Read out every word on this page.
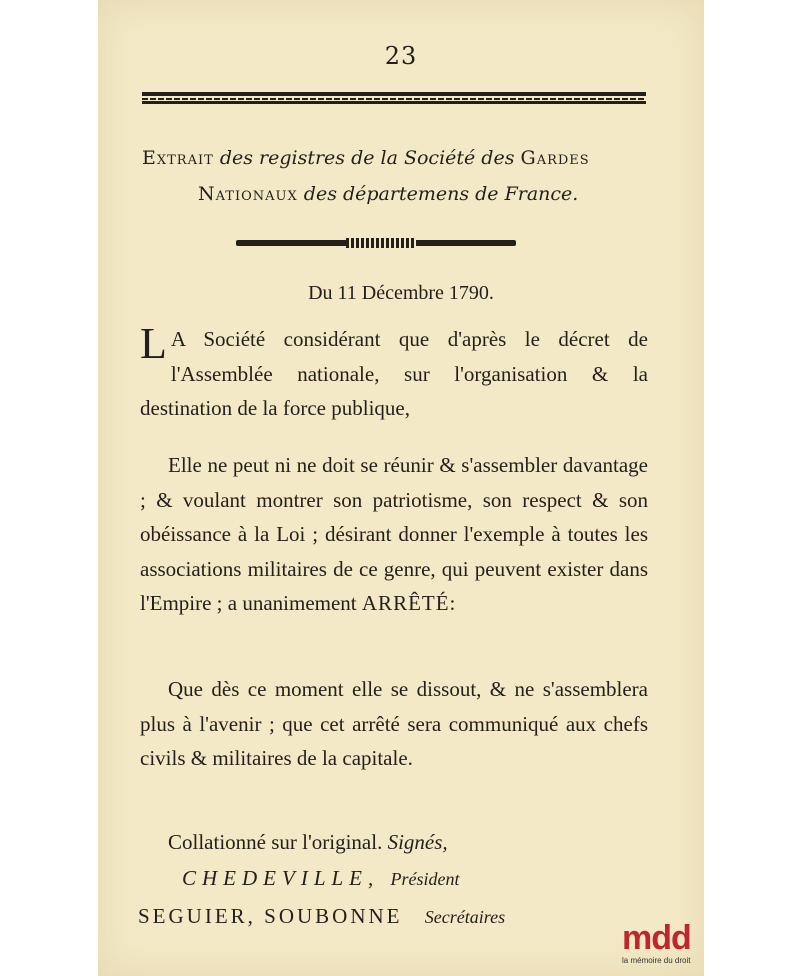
23
Extrait des registres de la Société des Gardes
Nationaux des départemens de France.
Du 11 Décembre 1790.
L A Société considérant que d'après le décret de l'Assemblée nationale, sur l'organisation & la destination de la force publique,
Elle ne peut ni ne doit se réunir & s'assembler davantage ; & voulant montrer son patriotisme, son respect & son obéissance à la Loi ; désirant donner l'exemple à toutes les associations militaires de ce genre, qui peuvent exister dans l'Empire ; a unanimement ARRÊTÉ:
Que dès ce moment elle se dissout, & ne s'assemblera plus à l'avenir ; que cet arrêté sera communiqué aux chefs civils & militaires de la capitale.
Collationné sur l'original. Signés,
CHEDEVILLE, Président
SEGUIER, SOUBONNE Secrétaires
mdd
la mémoire du droit
